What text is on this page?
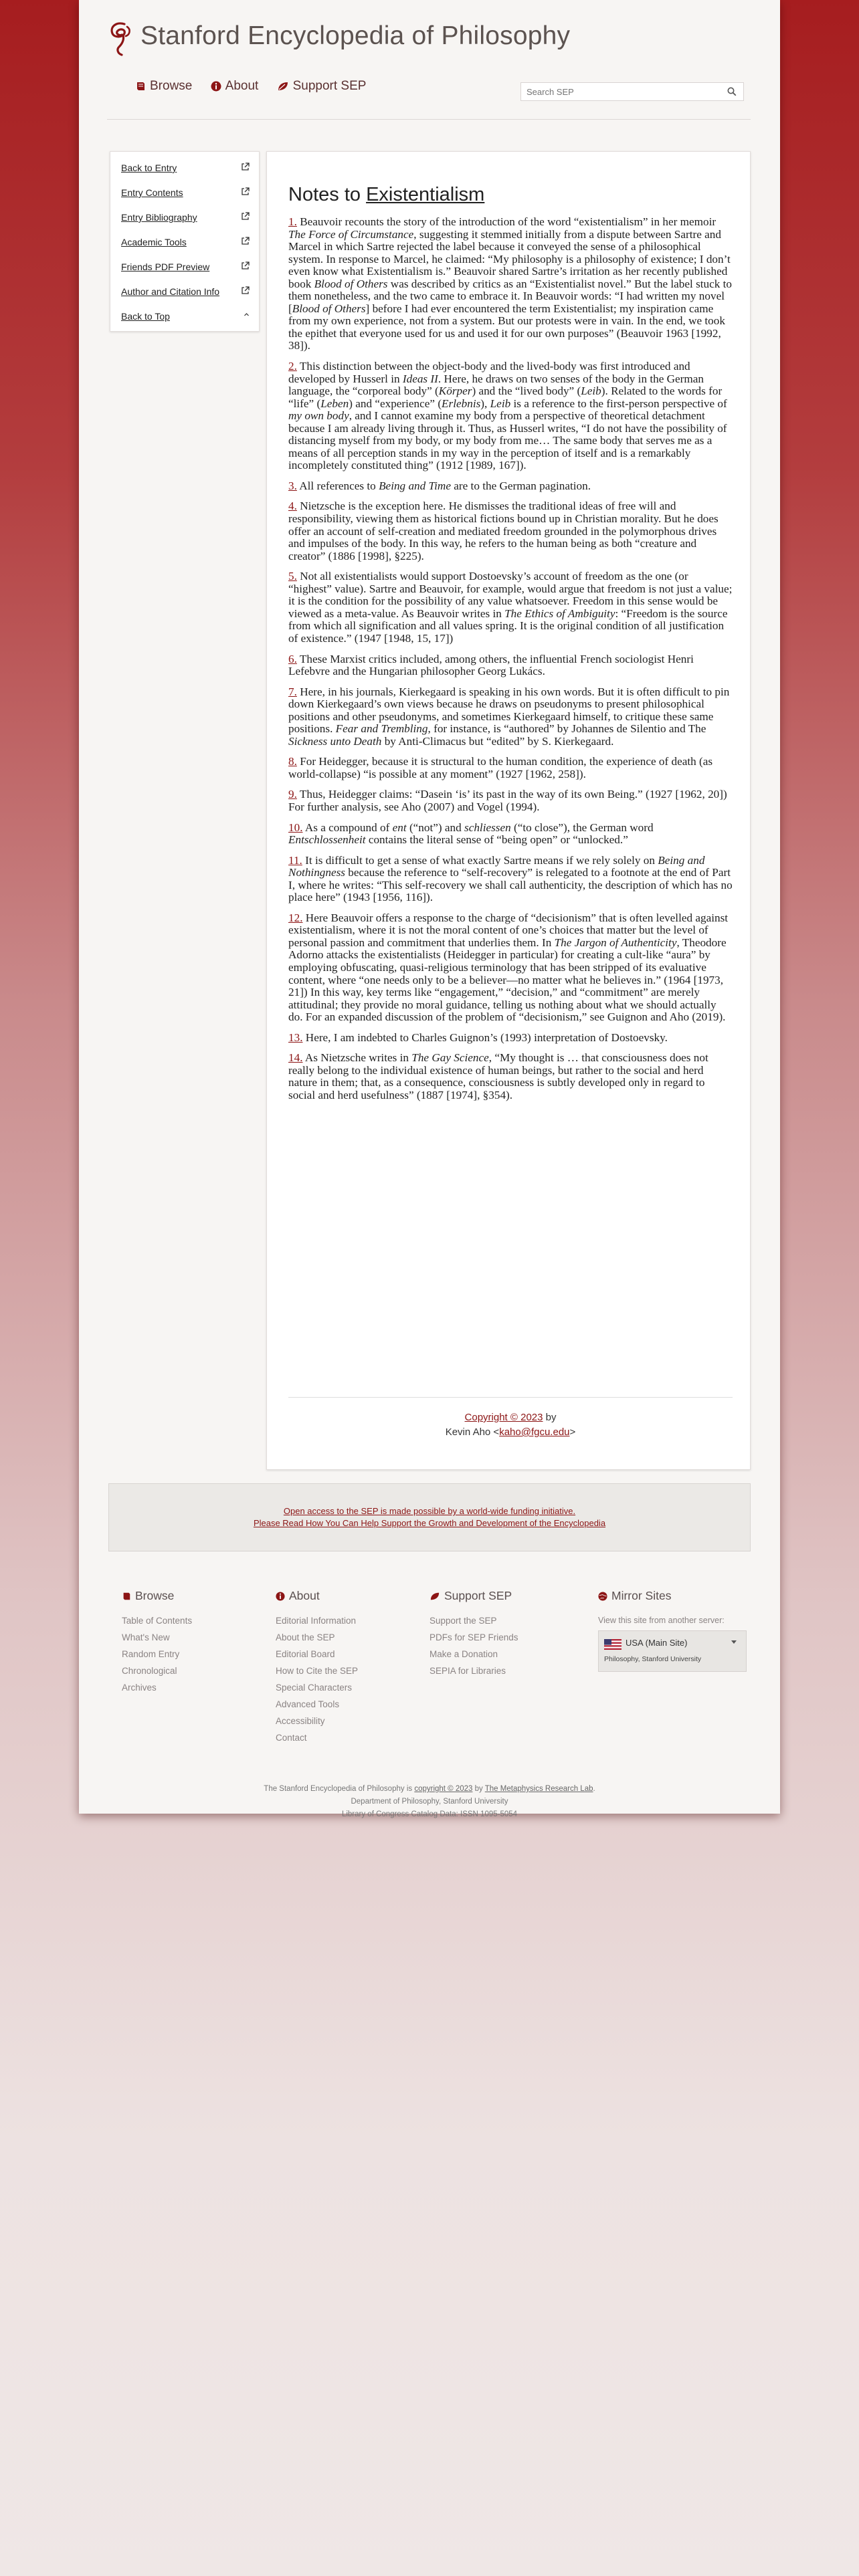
Stanford Encyclopedia of Philosophy
Browse
	About
	Support SEP
Search SEP
Back to Entry
Entry Contents
Entry Bibliography
Academic Tools
Friends PDF Preview
Author and Citation Info
Back to Top
Notes to Existentialism

1. Beauvoir recounts the story of the introduction of the word “existentialism” in her memoir The Force of Circumstance, suggesting it stemmed initially from a dispute between Sartre and Marcel in which Sartre rejected the label because it conveyed the sense of a philosophical system. In response to Marcel, he claimed: “My philosophy is a philosophy of existence; I don’t even know what Existentialism is.” Beauvoir shared Sartre’s irritation as her recently published book Blood of Others was described by critics as an “Existentialist novel.” But the label stuck to them nonetheless, and the two came to embrace it. In Beauvoir words: “I had written my novel [Blood of Others] before I had ever encountered the term Existentialist; my inspiration came from my own experience, not from a system. But our protests were in vain. In the end, we took the epithet that everyone used for us and used it for our own purposes” (Beauvoir 1963 [1992, 38]).

2. This distinction between the object-body and the lived-body was first introduced and developed by Husserl in Ideas II. Here, he draws on two senses of the body in the German language, the “corporeal body” (Körper) and the “lived body” (Leib). Related to the words for “life” (Leben) and “experience” (Erlebnis), Leib is a reference to the first-person perspective of my own body, and I cannot examine my body from a perspective of theoretical detachment because I am already living through it. Thus, as Husserl writes, “I do not have the possibility of distancing myself from my body, or my body from me… The same body that serves me as a means of all perception stands in my way in the perception of itself and is a remarkably incompletely constituted thing” (1912 [1989, 167]).

3. All references to Being and Time are to the German pagination.

4. Nietzsche is the exception here. He dismisses the traditional ideas of free will and responsibility, viewing them as historical fictions bound up in Christian morality. But he does offer an account of self-creation and mediated freedom grounded in the polymorphous drives and impulses of the body. In this way, he refers to the human being as both “creature and creator” (1886 [1998], §225).

5. Not all existentialists would support Dostoevsky’s account of freedom as the one (or “highest” value). Sartre and Beauvoir, for example, would argue that freedom is not just a value; it is the condition for the possibility of any value whatsoever. Freedom in this sense would be viewed as a meta-value. As Beauvoir writes in The Ethics of Ambiguity: “Freedom is the source from which all signification and all values spring. It is the original condition of all justification of existence.” (1947 [1948, 15, 17])

6. These Marxist critics included, among others, the influential French sociologist Henri Lefebvre and the Hungarian philosopher Georg Lukács.

7. Here, in his journals, Kierkegaard is speaking in his own words. But it is often difficult to pin down Kierkegaard’s own views because he draws on pseudonyms to present philosophical positions and other pseudonyms, and sometimes Kierkegaard himself, to critique these same positions. Fear and Trembling, for instance, is “authored” by Johannes de Silentio and The Sickness unto Death by Anti-Climacus but “edited” by S. Kierkegaard.

8. For Heidegger, because it is structural to the human condition, the experience of death (as world-collapse) “is possible at any moment” (1927 [1962, 258]).

9. Thus, Heidegger claims: “Dasein ‘is’ its past in the way of its own Being.” (1927 [1962, 20]) For further analysis, see Aho (2007) and Vogel (1994).

10. As a compound of ent (“not”) and schliessen (“to close”), the German word Entschlossenheit contains the literal sense of “being open” or “unlocked.”

11. It is difficult to get a sense of what exactly Sartre means if we rely solely on Being and Nothingness because the reference to “self-recovery” is relegated to a footnote at the end of Part I, where he writes: “This self-recovery we shall call authenticity, the description of which has no place here” (1943 [1956, 116]).

12. Here Beauvoir offers a response to the charge of “decisionism” that is often levelled against existentialism, where it is not the moral content of one’s choices that matter but the level of personal passion and commitment that underlies them. In The Jargon of Authenticity, Theodore Adorno attacks the existentialists (Heidegger in particular) for creating a cult-like “aura” by employing obfuscating, quasi-religious terminology that has been stripped of its evaluative content, where “one needs only to be a believer—no matter what he believes in.” (1964 [1973, 21]) In this way, key terms like “engagement,” “decision,” and “commitment” are merely attitudinal; they provide no moral guidance, telling us nothing about what we should actually do. For an expanded discussion of the problem of “decisionism,” see Guignon and Aho (2019).

13. Here, I am indebted to Charles Guignon’s (1993) interpretation of Dostoevsky.

14. As Nietzsche writes in The Gay Science, “My thought is … that consciousness does not really belong to the individual existence of human beings, but rather to the social and herd nature in them; that, as a consequence, consciousness is subtly developed only in regard to social and herd usefulness” (1887 [1974], §354).

Copyright © 2023 by
Kevin Aho <kaho@fgcu.edu>
Open access to the SEP is made possible by a world-wide funding initiative.
Please Read How You Can Help Support the Growth and Development of the Encyclopedia
Browse
Table of Contents
What's New
Random Entry
Chronological
Archives
About
Editorial Information
About the SEP
Editorial Board
How to Cite the SEP
Special Characters
Advanced Tools
Accessibility
Contact
Support SEP
Support the SEP
PDFs for SEP Friends
Make a Donation
SEPIA for Libraries
Mirror Sites
View this site from another server:
USA (Main Site)
Philosophy, Stanford University
The Stanford Encyclopedia of Philosophy is copyright © 2023 by The Metaphysics Research Lab.
Department of Philosophy, Stanford University
Library of Congress Catalog Data: ISSN 1095-5054
